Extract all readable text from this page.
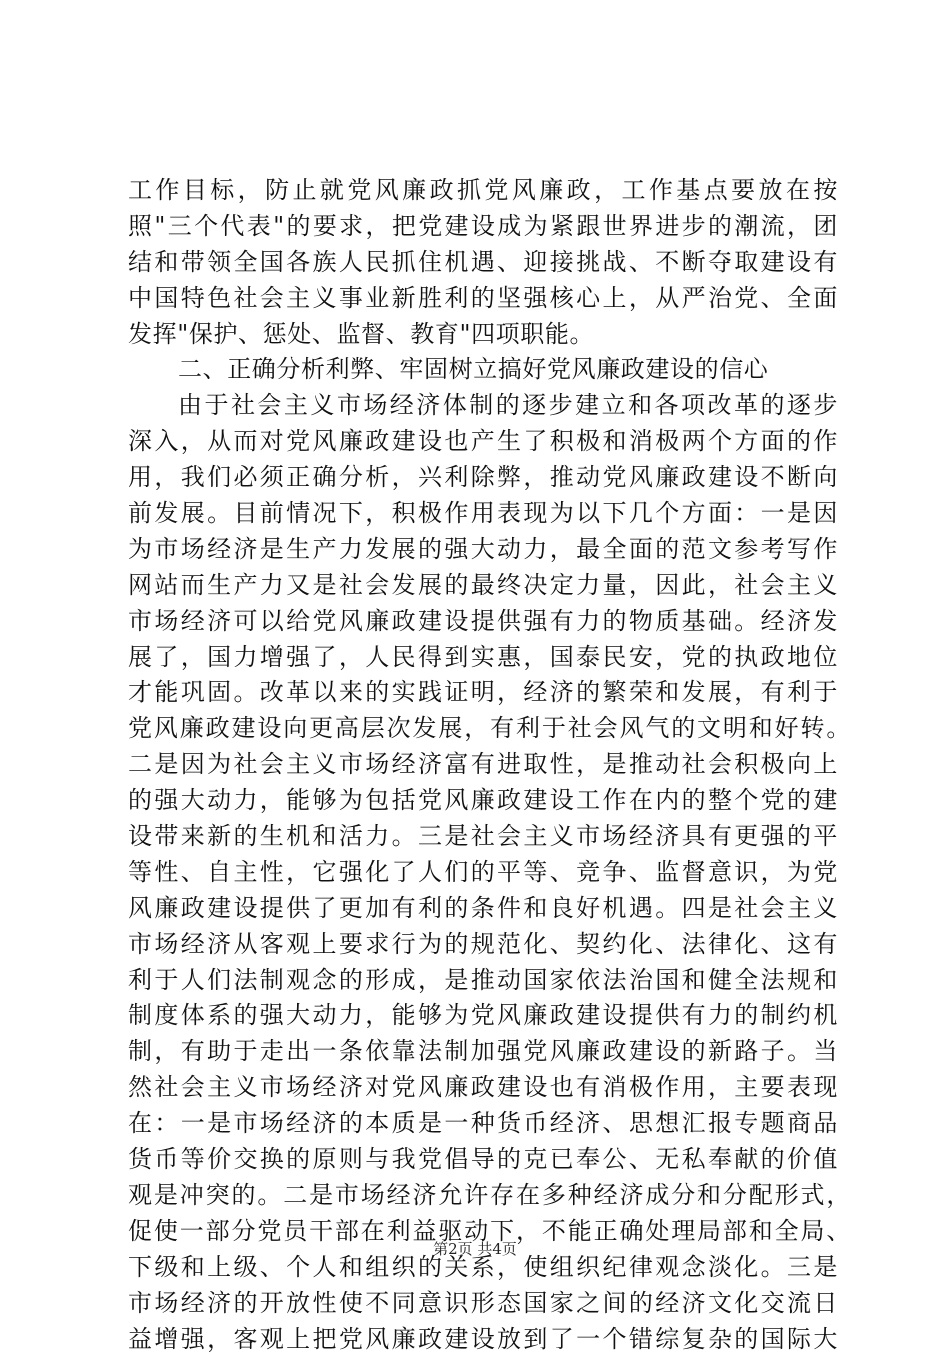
工作目标，防止就党风廉政抓党风廉政，工作基点要放在按
照"三个代表"的要求，把党建设成为紧跟世界进步的潮流，团
结和带领全国各族人民抓住机遇、迎接挑战、不断夺取建设有
中国特色社会主义事业新胜利的坚强核心上，从严治党、全面
发挥"保护、惩处、监督、教育"四项职能。
二、正确分析利弊、牢固树立搞好党风廉政建设的信心
由于社会主义市场经济体制的逐步建立和各项改革的逐步
深入，从而对党风廉政建设也产生了积极和消极两个方面的作
用，我们必须正确分析，兴利除弊，推动党风廉政建设不断向
前发展。目前情况下，积极作用表现为以下几个方面：一是因
为市场经济是生产力发展的强大动力，最全面的范文参考写作
网站而生产力又是社会发展的最终决定力量，因此，社会主义
市场经济可以给党风廉政建设提供强有力的物质基础。经济发
展了，国力增强了，人民得到实惠，国泰民安，党的执政地位
才能巩固。改革以来的实践证明，经济的繁荣和发展，有利于
党风廉政建设向更高层次发展，有利于社会风气的文明和好转。
二是因为社会主义市场经济富有进取性，是推动社会积极向上
的强大动力，能够为包括党风廉政建设工作在内的整个党的建
设带来新的生机和活力。三是社会主义市场经济具有更强的平
等性、自主性，它强化了人们的平等、竞争、监督意识，为党
风廉政建设提供了更加有利的条件和良好机遇。四是社会主义
市场经济从客观上要求行为的规范化、契约化、法律化、这有
利于人们法制观念的形成，是推动国家依法治国和健全法规和
制度体系的强大动力，能够为党风廉政建设提供有力的制约机
制，有助于走出一条依靠法制加强党风廉政建设的新路子。当
然社会主义市场经济对党风廉政建设也有消极作用，主要表现
在：一是市场经济的本质是一种货币经济、思想汇报专题商品
货币等价交换的原则与我党倡导的克已奉公、无私奉献的价值
观是冲突的。二是市场经济允许存在多种经济成分和分配形式，
促使一部分党员干部在利益驱动下，不能正确处理局部和全局、
下级和上级、个人和组织的关系，使组织纪律观念淡化。三是
市场经济的开放性使不同意识形态国家之间的经济文化交流日
益增强，客观上把党风廉政建设放到了一个错综复杂的国际大
第2页 共4页
